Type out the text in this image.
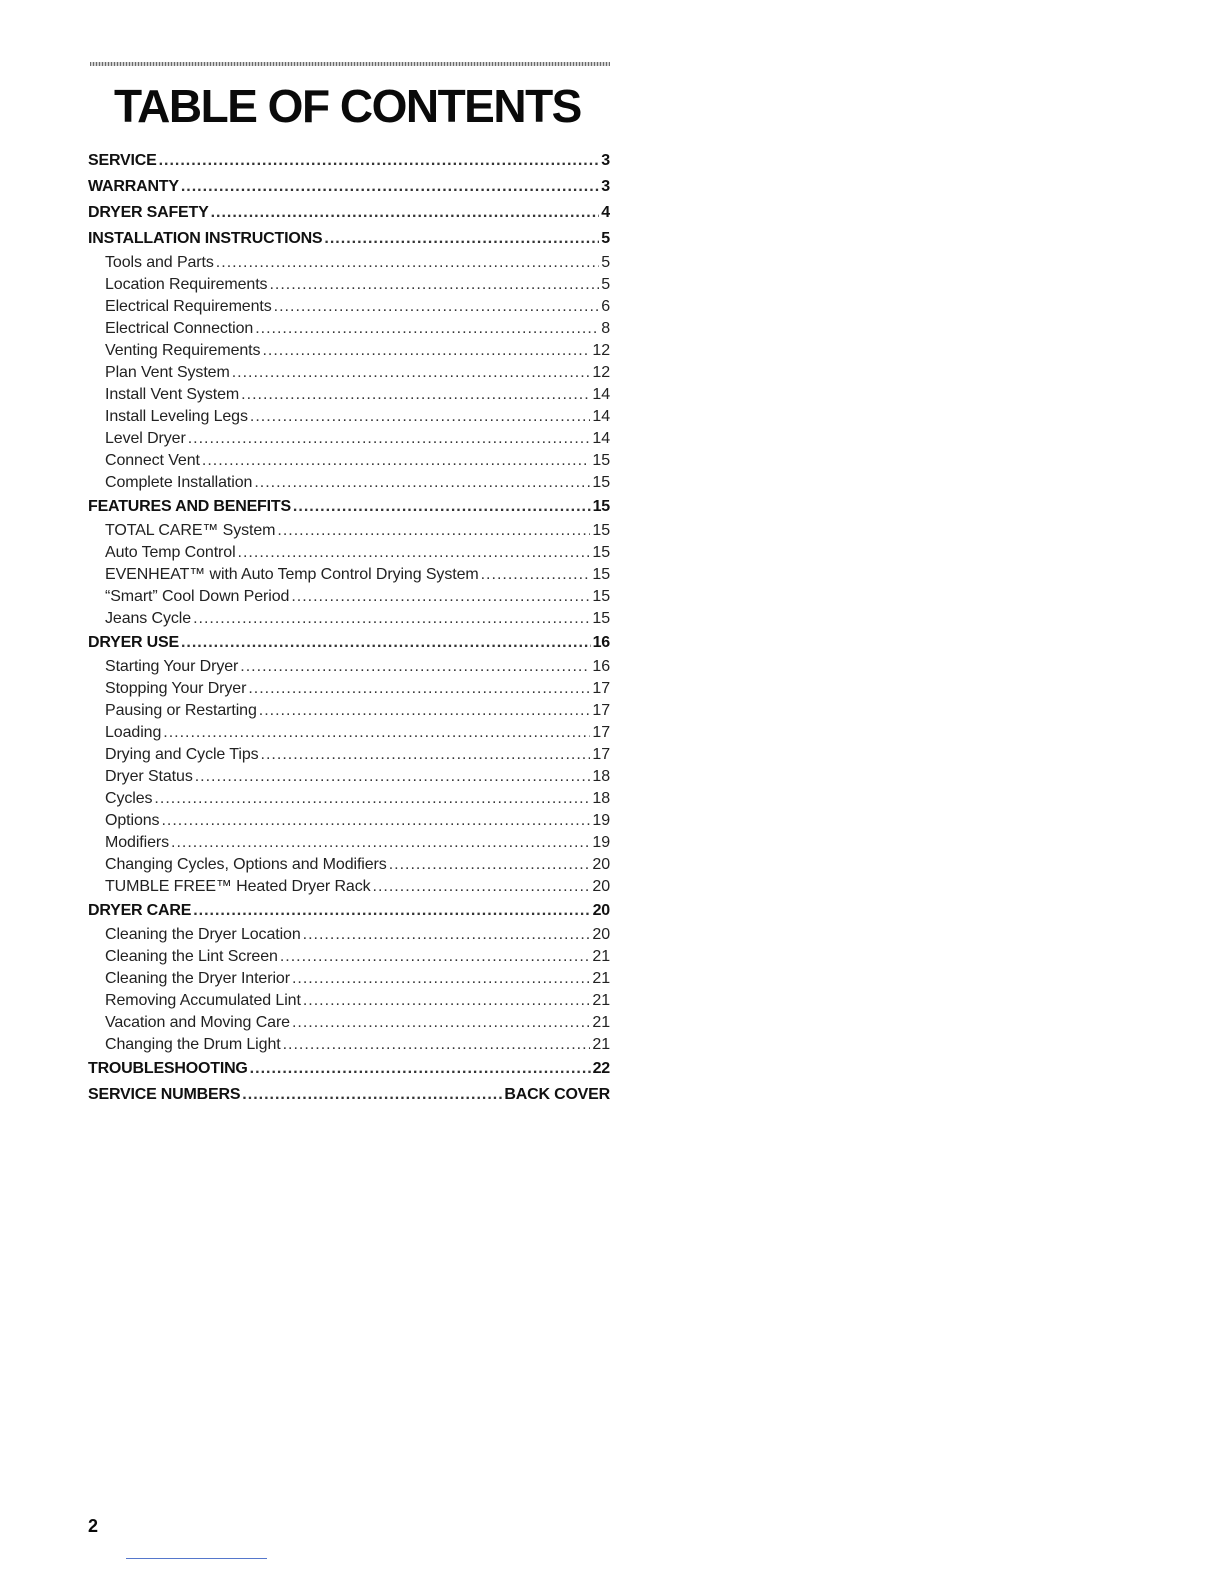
TABLE OF CONTENTS
SERVICE .....	3
WARRANTY .....	3
DRYER SAFETY .....	4
INSTALLATION INSTRUCTIONS .....	5
Tools and Parts .....	5
Location Requirements .....	5
Electrical Requirements .....	6
Electrical Connection .....	8
Venting Requirements .....	12
Plan Vent System .....	12
Install Vent System .....	14
Install Leveling Legs .....	14
Level Dryer .....	14
Connect Vent .....	15
Complete Installation .....	15
FEATURES AND BENEFITS .....	15
TOTAL CARE™ System .....	15
Auto Temp Control .....	15
EVENHEAT™ with Auto Temp Control Drying System .....	15
“Smart” Cool Down Period .....	15
Jeans Cycle .....	15
DRYER USE .....	16
Starting Your Dryer .....	16
Stopping Your Dryer .....	17
Pausing or Restarting .....	17
Loading .....	17
Drying and Cycle Tips .....	17
Dryer Status .....	18
Cycles .....	18
Options .....	19
Modifiers .....	19
Changing Cycles, Options and Modifiers .....	20
TUMBLE FREE™ Heated Dryer Rack .....	20
DRYER CARE .....	20
Cleaning the Dryer Location .....	20
Cleaning the Lint Screen .....	21
Cleaning the Dryer Interior .....	21
Removing Accumulated Lint .....	21
Vacation and Moving Care .....	21
Changing the Drum Light .....	21
TROUBLESHOOTING .....	22
SERVICE NUMBERS .....	BACK COVER
2
